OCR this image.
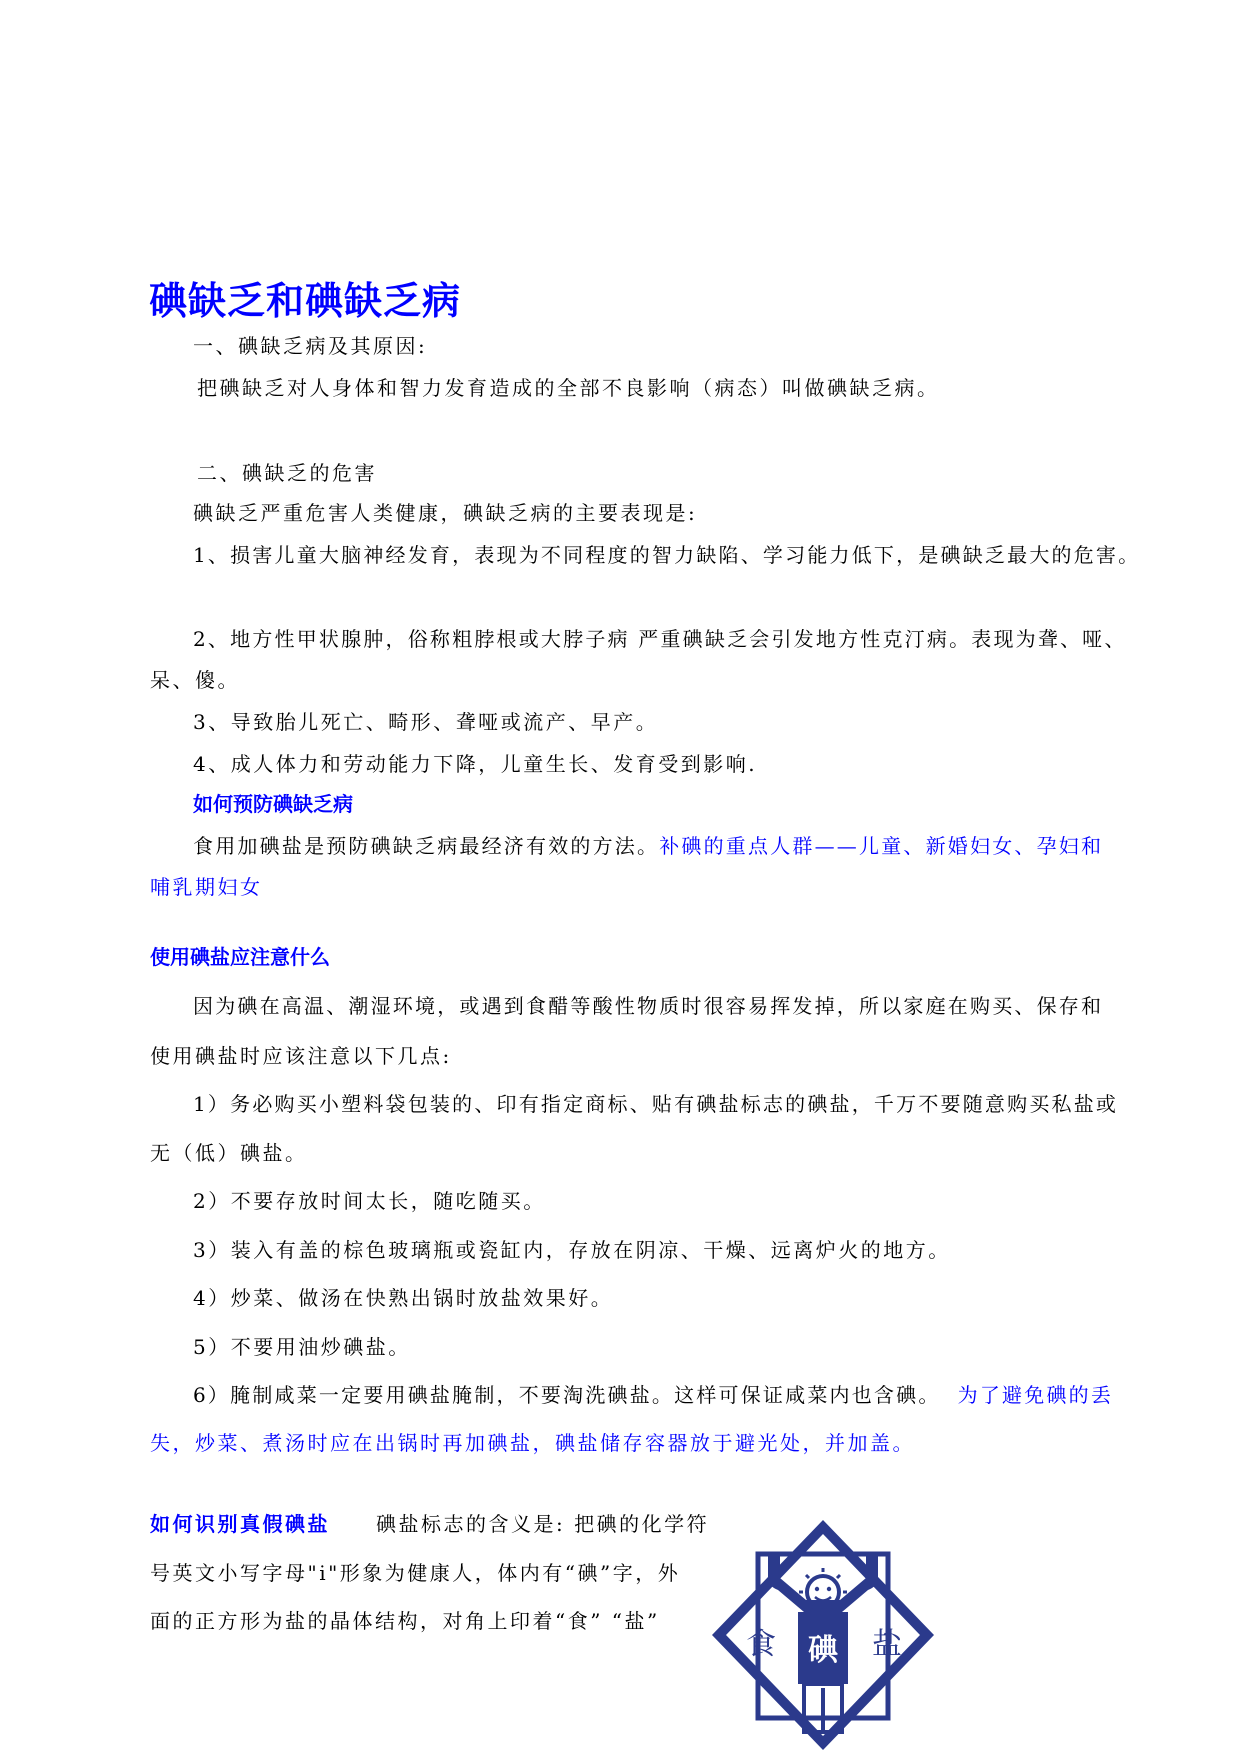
碘缺乏和碘缺乏病
一、碘缺乏病及其原因:
把碘缺乏对人身体和智力发育造成的全部不良影响（病态）叫做碘缺乏病。
二、碘缺乏的危害
碘缺乏严重危害人类健康，碘缺乏病的主要表现是:
1、损害儿童大脑神经发育，表现为不同程度的智力缺陷、学习能力低下，是碘缺乏最大的危害。
2、地方性甲状腺肿，俗称粗脖根或大脖子病 严重碘缺乏会引发地方性克汀病。表现为聋、哑、
呆、傻。
3、导致胎儿死亡、畸形、聋哑或流产、早产。
4、成人体力和劳动能力下降，儿童生长、发育受到影响.
如何预防碘缺乏病
食用加碘盐是预防碘缺乏病最经济有效的方法。补碘的重点人群——儿童、新婚妇女、孕妇和
哺乳期妇女
使用碘盐应注意什么
因为碘在高温、潮湿环境，或遇到食醋等酸性物质时很容易挥发掉，所以家庭在购买、保存和
使用碘盐时应该注意以下几点:
1）务必购买小塑料袋包装的、印有指定商标、贴有碘盐标志的碘盐，千万不要随意购买私盐或
无（低）碘盐。
2）不要存放时间太长，随吃随买。
3）装入有盖的棕色玻璃瓶或瓷缸内，存放在阴凉、干燥、远离炉火的地方。
4）炒菜、做汤在快熟出锅时放盐效果好。
5）不要用油炒碘盐。
6）腌制咸菜一定要用碘盐腌制，不要淘洗碘盐。这样可保证咸菜内也含碘。 为了避免碘的丢
失，炒菜、煮汤时应在出锅时再加碘盐，碘盐储存容器放于避光处，并加盖。
如何识别真假碘盐 碘盐标志的含义是: 把碘的化学符
号英文小写字母"i"形象为健康人，体内有“碘”字，外
面的正方形为盐的晶体结构，对角上印着“食” “盐”
食 碘 盐
